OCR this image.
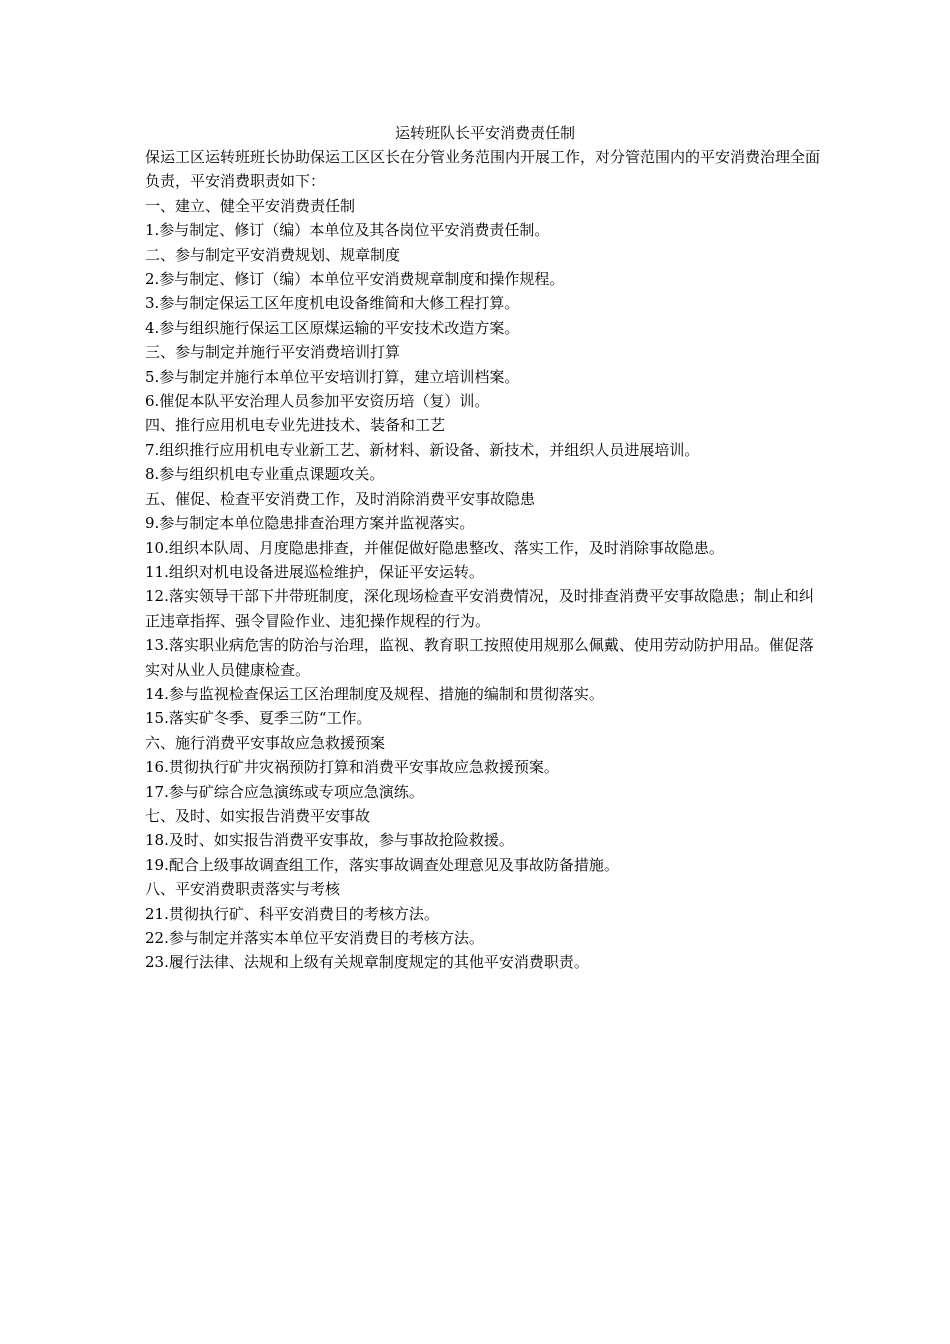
运转班队长平安消费责任制

保运工区运转班班长协助保运工区区长在分管业务范围内开展工作，对分管范围内的平安消费治理全面负责，平安消费职责如下：

一、建立、健全平安消费责任制

1.参与制定、修订（编）本单位及其各岗位平安消费责任制。

二、参与制定平安消费规划、规章制度

2.参与制定、修订（编）本单位平安消费规章制度和操作规程。

3.参与制定保运工区年度机电设备维简和大修工程打算。

4.参与组织施行保运工区原煤运输的平安技术改造方案。

三、参与制定并施行平安消费培训打算

5.参与制定并施行本单位平安培训打算，建立培训档案。

6.催促本队平安治理人员参加平安资历培（复）训。

四、推行应用机电专业先进技术、装备和工艺

7.组织推行应用机电专业新工艺、新材料、新设备、新技术，并组织人员进展培训。

8.参与组织机电专业重点课题攻关。

五、催促、检查平安消费工作，及时消除消费平安事故隐患

9.参与制定本单位隐患排查治理方案并监视落实。

10.组织本队周、月度隐患排查，并催促做好隐患整改、落实工作，及时消除事故隐患。

11.组织对机电设备进展巡检维护，保证平安运转。

12.落实领导干部下井带班制度，深化现场检查平安消费情况，及时排查消费平安事故隐患；制止和纠正违章指挥、强令冒险作业、违犯操作规程的行为。

13.落实职业病危害的防治与治理，监视、教育职工按照使用规那么佩戴、使用劳动防护用品。催促落实对从业人员健康检查。

14.参与监视检查保运工区治理制度及规程、措施的编制和贯彻落实。

15.落实矿冬季、夏季三防“工作。

六、施行消费平安事故应急救援预案

16.贯彻执行矿井灾祸预防打算和消费平安事故应急救援预案。

17.参与矿综合应急演练或专项应急演练。

七、及时、如实报告消费平安事故

18.及时、如实报告消费平安事故，参与事故抢险救援。

19.配合上级事故调查组工作，落实事故调查处理意见及事故防备措施。

八、平安消费职责落实与考核

21.贯彻执行矿、科平安消费目的考核方法。

22.参与制定并落实本单位平安消费目的考核方法。

23.履行法律、法规和上级有关规章制度规定的其他平安消费职责。
